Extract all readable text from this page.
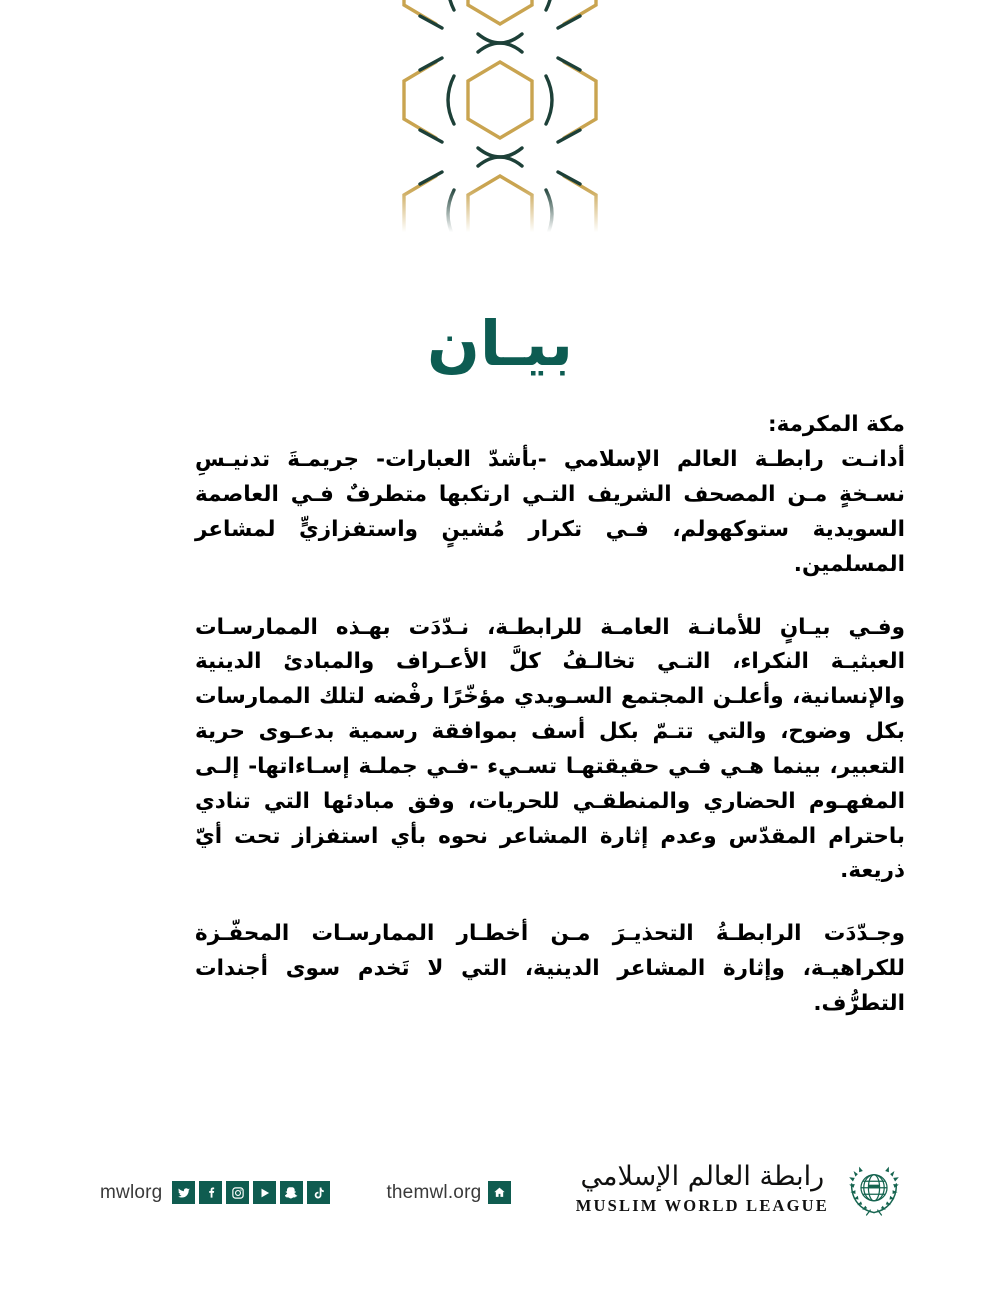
بيـان

مكة المكرمة:

أدانـت رابطـة العالم الإسلامي -بأشدّ العبارات- جريمـةَ تدنيـسِ نسـخةٍ مـن المصحف الشريف التـي ارتكبها متطرفٌ فـي العاصمة السويدية ستوكهولم، فـي تكرار مُشينٍ واستفزازيٍّ لمشاعر المسلمين.

وفـي بيـانٍ للأمانـة العامـة للرابطـة، نـدّدَت بهـذه الممارسـات العبثيـة النكراء، التـي تخالـفُ كلَّ الأعـراف والمبادئ الدينية والإنسانية، وأعلـن المجتمع السـويدي مؤخّرًا رفْضه لتلك الممارسات بكل وضوح، والتي تتـمّ بكل أسف بموافقة رسمية بدعـوى حرية التعبير، بينما هـي فـي حقيقتهـا تسـيء -فـي جملـة إسـاءاتها- إلـى المفهـوم الحضاري والمنطقـي للحريات، وفق مبادئها التي تنادي باحترام المقدّس وعدم إثارة المشاعر نحوه بأي استفزاز تحت أيّ ذريعة.

وجـدّدَت الرابطـةُ التحذيـرَ مـن أخطـار الممارسـات المحفّـزة للكراهيـة، وإثارة المشاعر الدينية، التي لا تَخدم سوى أجندات التطرُّف.

mwlorg	themwl.org	رابطة العالم الإسلامي
MUSLIM WORLD LEAGUE
